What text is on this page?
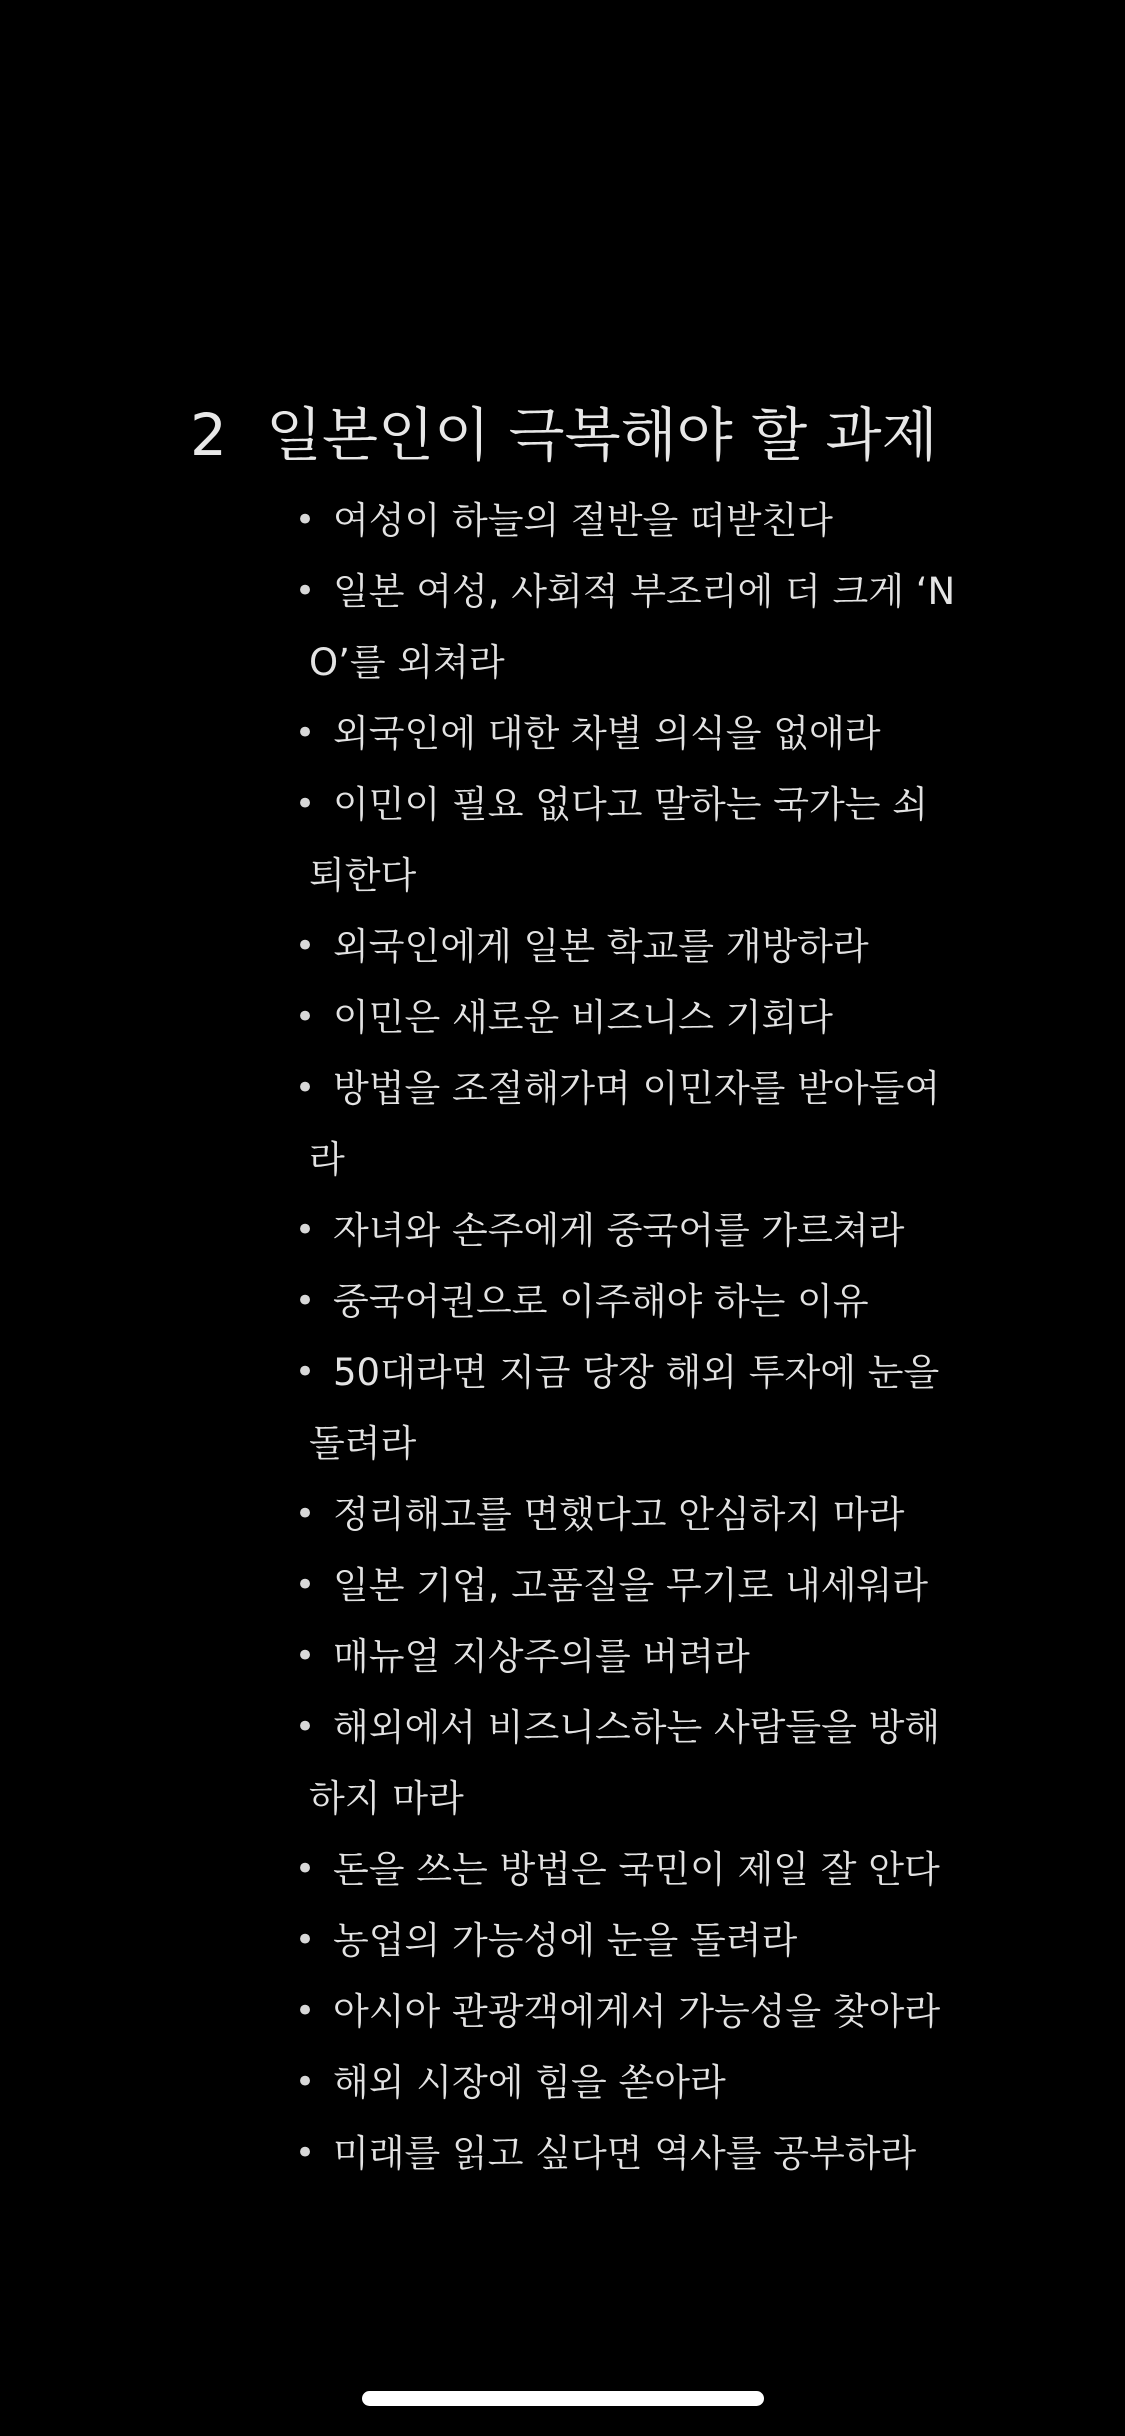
2 일본인이 극복해야 할 과제
• 여성이 하늘의 절반을 떠받친다
• 일본 여성, 사회적 부조리에 더 크게 ‘N
O’를 외쳐라
• 외국인에 대한 차별 의식을 없애라
• 이민이 필요 없다고 말하는 국가는 쇠
퇴한다
• 외국인에게 일본 학교를 개방하라
• 이민은 새로운 비즈니스 기회다
• 방법을 조절해가며 이민자를 받아들여
라
• 자녀와 손주에게 중국어를 가르쳐라
• 중국어권으로 이주해야 하는 이유
• 50대라면 지금 당장 해외 투자에 눈을
돌려라
• 정리해고를 면했다고 안심하지 마라
• 일본 기업, 고품질을 무기로 내세워라
• 매뉴얼 지상주의를 버려라
• 해외에서 비즈니스하는 사람들을 방해
하지 마라
• 돈을 쓰는 방법은 국민이 제일 잘 안다
• 농업의 가능성에 눈을 돌려라
• 아시아 관광객에게서 가능성을 찾아라
• 해외 시장에 힘을 쏟아라
• 미래를 읽고 싶다면 역사를 공부하라
